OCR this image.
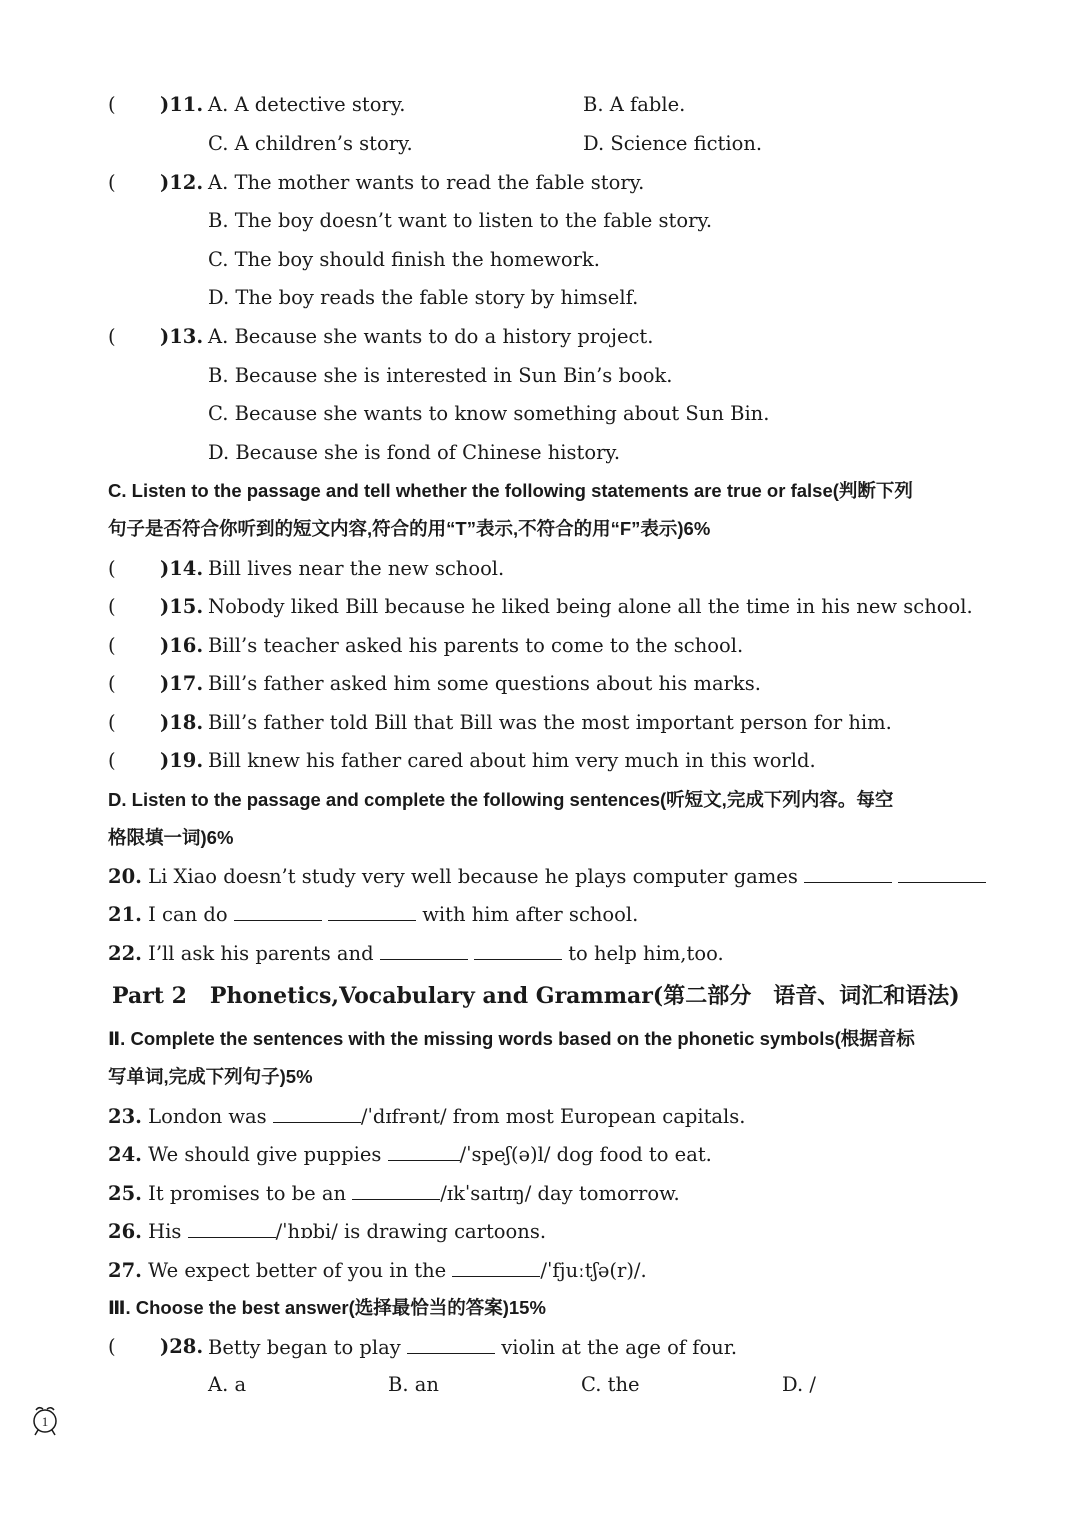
( )11. A. A detective story.	B. A fable.
C. A children’s story.	D. Science fiction.
( )12. A. The mother wants to read the fable story.
B. The boy doesn’t want to listen to the fable story.
C. The boy should finish the homework.
D. The boy reads the fable story by himself.
( )13. A. Because she wants to do a history project.
B. Because she is interested in Sun Bin’s book.
C. Because she wants to know something about Sun Bin.
D. Because she is fond of Chinese history.
C. Listen to the passage and tell whether the following statements are true or false(判断下列
句子是否符合你听到的短文内容,符合的用“T”表示,不符合的用“F”表示)6%
( )14. Bill lives near the new school.
( )15. Nobody liked Bill because he liked being alone all the time in his new school.
( )16. Bill’s teacher asked his parents to come to the school.
( )17. Bill’s father asked him some questions about his marks.
( )18. Bill’s father told Bill that Bill was the most important person for him.
( )19. Bill knew his father cared about him very much in this world.
D. Listen to the passage and complete the following sentences(听短文,完成下列内容。每空
格限填一词)6%
20. Li Xiao doesn’t study very well because he plays computer games
21. I can do	with him after school.
22. I’ll ask his parents and	to help him,too.
Part 2 Phonetics,Vocabulary and Grammar(第二部分　语音、词汇和语法)
Ⅱ. Complete the sentences with the missing words based on the phonetic symbols(根据音标
写单词,完成下列句子)5%
23. London was	/ˈdɪfrənt/ from most European capitals.
24. We should give puppies	/ˈspeʃ(ə)l/ dog food to eat.
25. It promises to be an	/ɪkˈsaɪtɪŋ/ day tomorrow.
26. His	/ˈhɒbi/ is drawing cartoons.
27. We expect better of you in the	/ˈfjuːtʃə(r)/.
Ⅲ. Choose the best answer(选择最恰当的答案)15%
( )28. Betty began to play	violin at the age of four.
A. a	B. an	C. the	D. /
1
